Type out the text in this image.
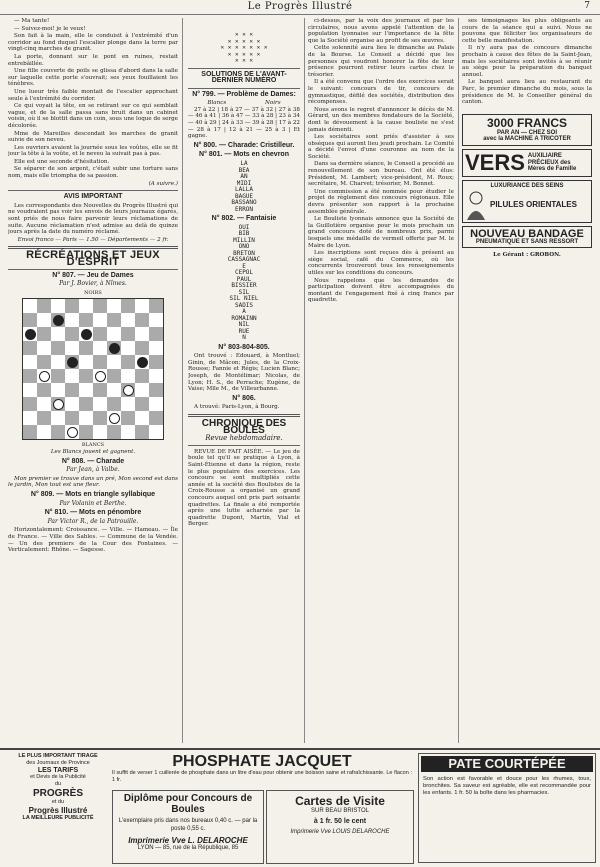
Le Progrès Illustré	7

— Ma tante!

— Suivez-moi! je le veux!

Son fait à la main, elle le conduisit à l'extrémité d'un corridor au fond duquel l'escalier plonge dans la terre par vingt-cinq marches de granit.

La porte, donnant sur le pont en ruines, restait entrebâillée.

Une fille couverte de poils se glissa d'abord dans la salle sur laquelle cette porte s'ouvrait; ses yeux fouillaient les ténèbres.

Une lueur très faible montait de l'escalier approchant seule à l'extrémité du corridor.

Ce qui voyait la tête, en se retirant sur ce qui semblait vague, et de la salle passa sans bruit dans un cabinet voisin, où il se blottit dans un coin, sous une loque de serge décolorée.

Mme de Mareilles descendait les marches de granit suivie de son neveu.

Les ouvriers avaient la journée sous les voûtes, elle se fit jour la tête à la voûte, et le neveu la suivait pas à pas.

Elle est une seconde d'hésitation.

Se séparer de son argent, c'était subir une torture sans nom, mais elle triompha de sa passion.

(A suivre.)
AVIS IMPORTANT

Les correspondants des Nouvelles du Progrès Illustré qui ne voudraient pas voir les envois de leurs journaux égarés, sont priés de nous faire parvenir leurs réclamations de suite. Aucune réclamation n'est admise au delà de quinze jours après la date du numéro réclamé.

Envoi franco — Paris — 1.50 — Départements — 2 fr.
RÉCRÉATIONS ET JEUX D'ESPRIT
N° 807. — Jeu de Dames
Par J. Bovier, à Nîmes.
NOIRS
BLANCS
Les Blancs jouent et gagnent.
N° 808. — Charade
Par Jean, à Valbe.

Mon premier se trouve dans un pré, Mon second est dans le jardin, Mon tout est une fleur.

N° 809. — Mots en triangle syllabique
Par Volanin et Berthe.
N° 810. — Mots en pénombre
Par Victor R., de la Patrouille.

Horizontalement: Croissance. — Ville. — Hameau. — Île de France. — Ville des Sables. — Commune de la Vendée. — Un des premiers de la Cour des Fontaines. — Verticalement: Rhône. — Sagesse.

✕ ✕ ✕
✕ ✕ ✕ ✕ ✕
✕ ✕ ✕ ✕ ✕ ✕ ✕
✕ ✕ ✕ ✕ ✕
✕ ✕ ✕
SOLUTIONS DE L'AVANT-DERNIER NUMÉRO
N° 799. — Problème de Dames:
Blancs	Noirs

27 à 22 | 18 à 27 — 37 à 32 | 27 à 38 — 46 à 41 | 36 à 47 — 33 à 28 | 23 à 34 — 40 à 29 | 24 à 33 — 39 à 28 | 17 à 22 — 28 à 17 | 12 à 21 — 25 à 3 | Et gagne.

N° 800. — Charade: Cristilleur.
N° 801. — Mots en chevron
LA
BEA
AN
MIDI
LALLA
BAGUE
BASSANO
ERRON
N° 802. — Fantaisie
OUI
BIB
MILLIN
ONO
BRETON
CASSAGNAC
E
CEPOL
PAUL
BISSIER
SIL
SIL NIEL
SADIS
A
ROMAINN
NIL
RUE
N
N° 803-804-805.

Ont trouvé : Edouard, à Montluel; Ginin, de Mâcon; Jules, de la Croix-Rousse; Fannie et Régis; Lucien Blanc; Joseph, de Montélimar; Nicolas, de Lyon; H. S., de Perrache; Eugène, de Vaise; Mlle M., de Villeurbanne.

N° 806.

A trouvé: Paris-Lyon, à Bourg.

CHRONIQUE DES BOULES
Revue hebdomadaire.

REVUE DE FAIT AISÉE. — Le jeu de boule tel qu'il se pratique à Lyon, à Saint-Étienne et dans la région, reste le plus populaire des exercices. Les concours se sont multipliés cette année et la société des Boulistes de la Croix-Rousse a organisé un grand concours auquel ont pris part soixante quadrettes. La finale a été remportée après une lutte acharnée par la quadrette Dupont, Martin, Vial et Berger.

ci-dessus, par la voix des journaux et par les circulaires, nous avons appelé l'attention de la population lyonnaise sur l'importance de la fête que la Société organise au profit de ses œuvres.

Cette solennité aura lieu le dimanche au Palais de la Bourse. Le Conseil a décidé que les personnes qui voudront honorer la fête de leur présence pourront retirer leurs cartes chez le trésorier.

Il a été convenu que l'ordre des exercices serait le suivant: concours de tir, concours de gymnastique, défilé des sociétés, distribution des récompenses.

Nous avons le regret d'annoncer le décès de M. Gérard, un des membres fondateurs de la Société, dont le dévouement à la cause bouliste ne s'est jamais démenti.

Les sociétaires sont priés d'assister à ses obsèques qui auront lieu jeudi prochain. Le Comité a décidé l'envoi d'une couronne au nom de la Société.

Dans sa dernière séance, le Conseil a procédé au renouvellement de son bureau. Ont été élus: Président, M. Lambert; vice-président, M. Roux; secrétaire, M. Charvet; trésorier, M. Bonnet.

Une commission a été nommée pour étudier le projet de règlement des concours régionaux. Elle devra présenter son rapport à la prochaine assemblée générale.

Le Bouliste lyonnais annonce que la Société de la Guillotière organise pour le mois prochain un grand concours doté de nombreux prix, parmi lesquels une médaille de vermeil offerte par M. le Maire de Lyon.

Les inscriptions sont reçues dès à présent au siège social, café du Commerce, où les concurrents trouveront tous les renseignements utiles sur les conditions du concours.

Nous rappelons que les demandes de participation doivent être accompagnées du montant de l'engagement fixé à cinq francs par quadrette.

ses témoignages les plus obligeants au cours de la séance qui a suivi. Nous ne pouvons que féliciter les organisateurs de cette belle manifestation.

Il n'y aura pas de concours dimanche prochain à cause des fêtes de la Saint-Jean, mais les sociétaires sont invités à se réunir au siège pour la préparation du banquet annuel.

Le banquet aura lieu au restaurant du Parc, le premier dimanche du mois, sous la présidence de M. le Conseiller général du canton.

3000 FRANCS
PAR AN — CHEZ SOI
avec la MACHINE A TRICOTER
VERS AUXILIAIRE PRÉCIEUX des Mères de Famille
LUXURIANCE DES SEINS
PILULES ORIENTALES
NOUVEAU BANDAGE
PNEUMATIQUE ET SANS RESSORT
Le Gérant : GROBON.
LE PLUS IMPORTANT TIRAGE
des Journaux de Province
LES TARIFS
et Devis de la Publicité
du
PROGRÈS
et du
Progrès Illustré
LA MEILLEURE PUBLICITÉ
PHOSPHATE JACQUET
Il suffit de verser 1 cuillerée de phosphate dans un litre d'eau pour obtenir une boisson saine et rafraîchissante. Le flacon : 1 fr.
Diplôme pour Concours de Boules
L'exemplaire pris dans nos bureaux 0,40 c. — par la poste 0,55 c.
Imprimerie Vve L. DELAROCHE
LYON — 85, rue de la République, 85
Cartes de Visite
SUR BEAU BRISTOL
à 1 fr. 50 le cent
Imprimerie Vve LOUIS DELAROCHE
PATE COURTÉPÉE
Son action est favorable et douce pour les rhumes, toux, bronchites. Sa saveur est agréable, elle est recommandée pour les enfants. 1 fr. 50 la boîte dans les pharmacies.
